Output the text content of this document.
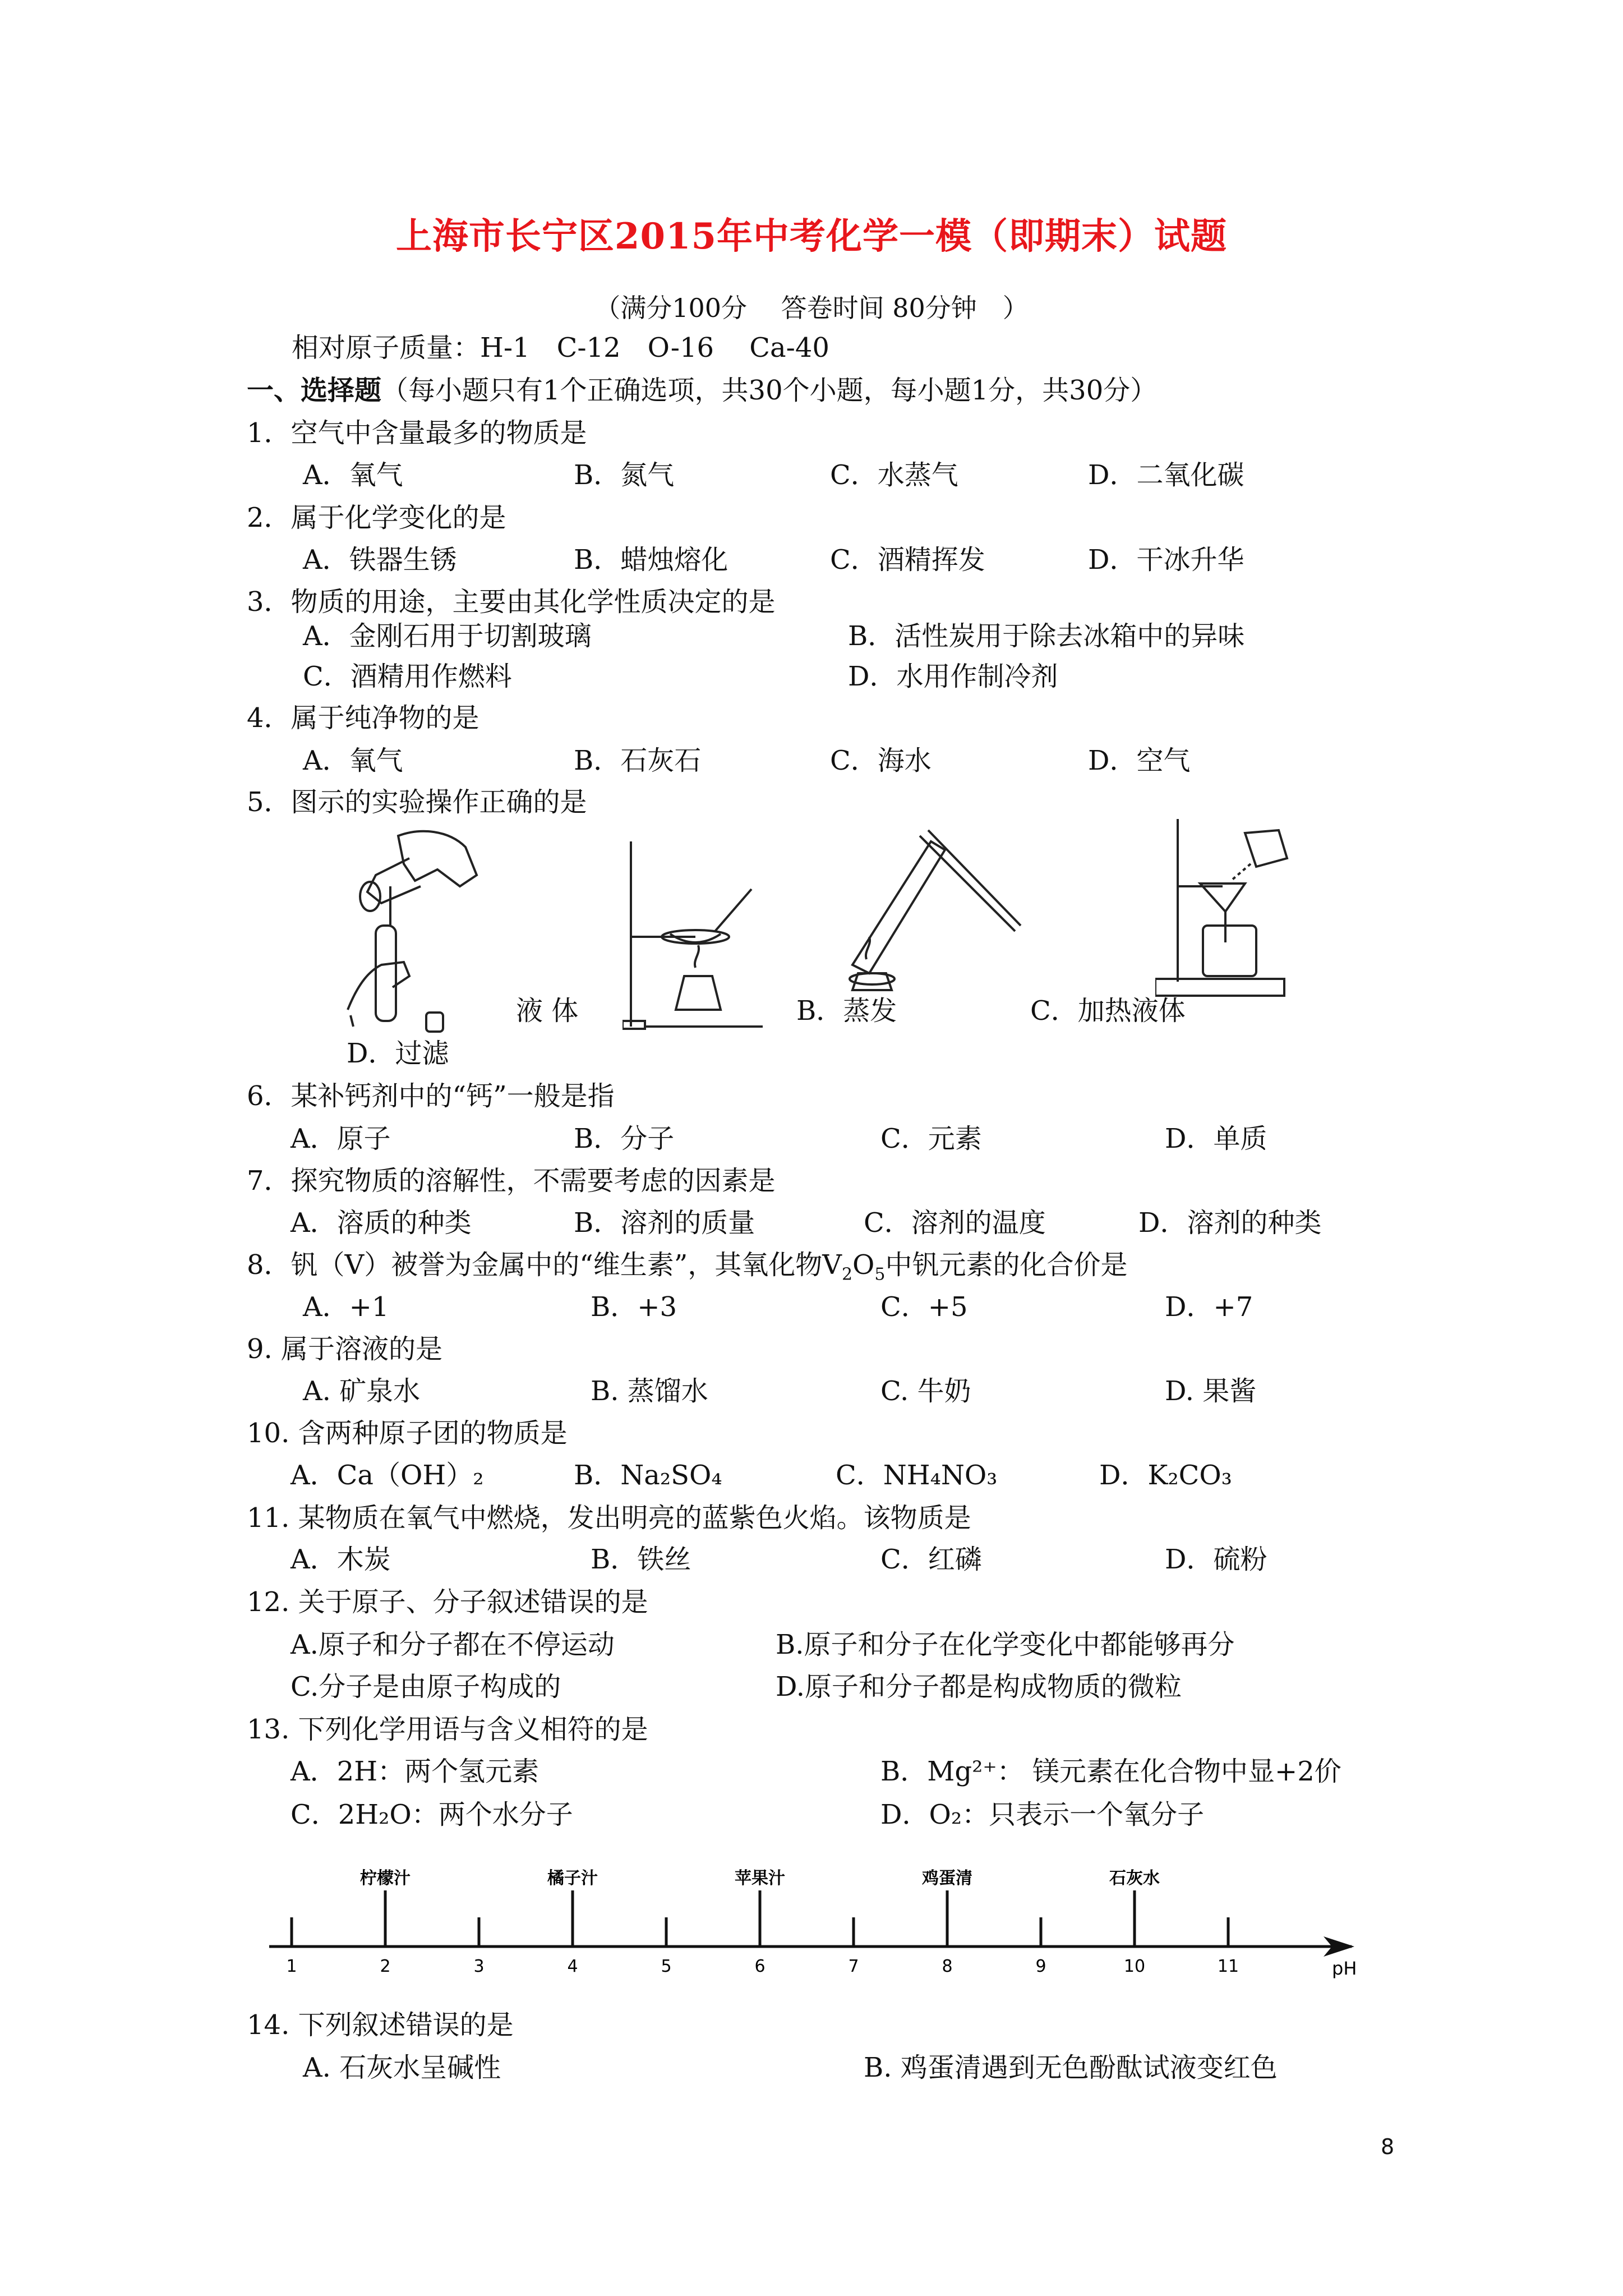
上海市长宁区2015年中考化学一模（即期末）试题
（满分100分　 答卷时间 80分钟　）
相对原子质量：H-1　C-12　O-16　 Ca-40
一、选择题（每小题只有1个正确选项，共30个小题，每小题1分，共30分）
1．空气中含量最多的物质是
A．氧气	B．氮气	C．水蒸气	D．二氧化碳
2．属于化学变化的是
A．铁器生锈	B．蜡烛熔化	C．酒精挥发	D．干冰升华
3．物质的用途，主要由其化学性质决定的是
A．金刚石用于切割玻璃	B．活性炭用于除去冰箱中的异味
C．酒精用作燃料	D．水用作制冷剂
4．属于纯净物的是
A．氧气	B．石灰石	C．海水	D．空气
5．图示的实验操作正确的是
液 体	B．蒸发	C．加热液体
D．过滤
6．某补钙剂中的“钙”一般是指
A．原子	B．分子	C．元素	D．单质
7．探究物质的溶解性，不需要考虑的因素是
A．溶质的种类	B．溶剂的质量	C．溶剂的温度	D．溶剂的种类
8．钒（V）被誉为金属中的“维生素”，其氧化物$V_2O_5$中钒元素的化合价是
A．+1	B．+3	C．+5	D．+7
9. 属于溶液的是
A. 矿泉水	B. 蒸馏水	C. 牛奶	D. 果酱
10. 含两种原子团的物质是
A．Ca（OH）₂	B．Na₂SO₄	C．NH₄NO₃	D．K₂CO₃
11. 某物质在氧气中燃烧，发出明亮的蓝紫色火焰。该物质是
A．木炭	B．铁丝	C．红磷	D．硫粉
12. 关于原子、分子叙述错误的是
A.原子和分子都在不停运动	B.原子和分子在化学变化中都能够再分
C.分子是由原子构成的	D.原子和分子都是构成物质的微粒
13. 下列化学用语与含义相符的是
A．2H：两个氢元素	B．Mg²⁺： 镁元素在化合物中显+2价
C．2H₂O：两个水分子	D．O₂：只表示一个氧分子
1	2	3	4	5	6	7	8	9	10	11
柠檬汁	橘子汁	苹果汁	鸡蛋清	石灰水
pH
14. 下列叙述错误的是
A. 石灰水呈碱性	B. 鸡蛋清遇到无色酚酞试液变红色
8
